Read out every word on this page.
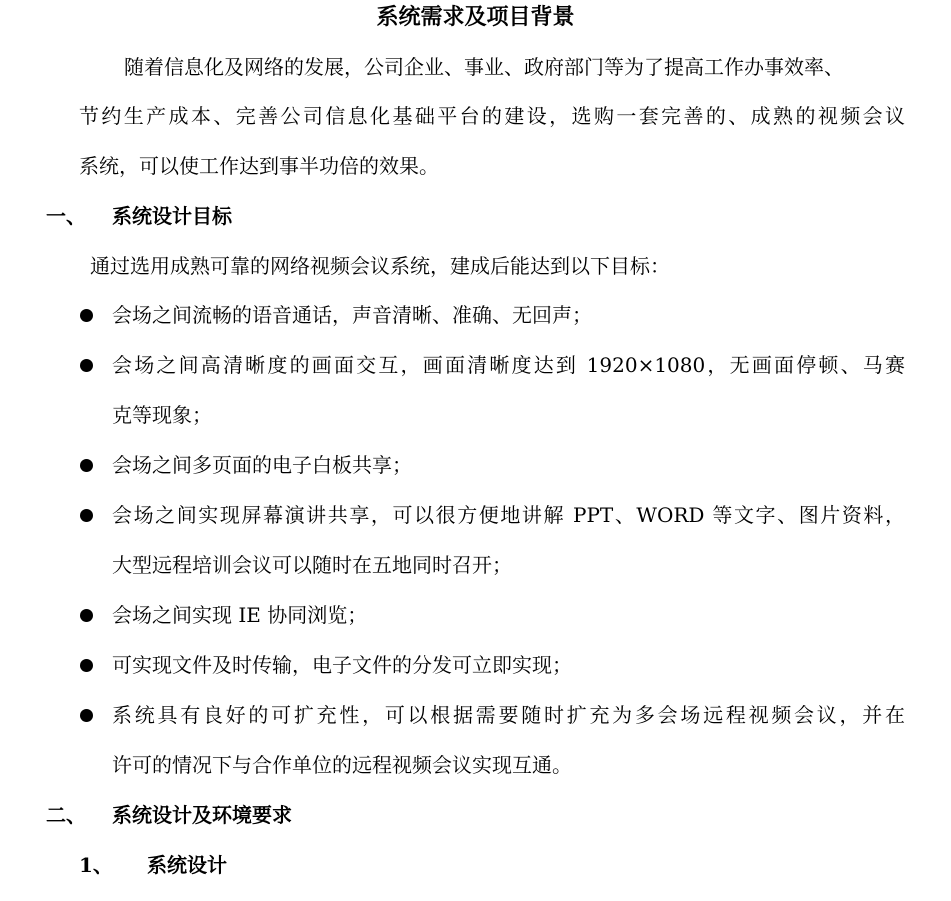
系统需求及项目背景
随着信息化及网络的发展，公司企业、事业、政府部门等为了提高工作办事效率、
节约生产成本、完善公司信息化基础平台的建设，选购一套完善的、成熟的视频会议
系统，可以使工作达到事半功倍的效果。
一、 系统设计目标
通过选用成熟可靠的网络视频会议系统，建成后能达到以下目标：
会场之间流畅的语音通话，声音清晰、准确、无回声；
会场之间高清晰度的画面交互，画面清晰度达到 1920×1080，无画面停顿、马赛
克等现象；
会场之间多页面的电子白板共享；
会场之间实现屏幕演讲共享，可以很方便地讲解 PPT、WORD 等文字、图片资料，
大型远程培训会议可以随时在五地同时召开；
会场之间实现 IE 协同浏览；
可实现文件及时传输，电子文件的分发可立即实现；
系统具有良好的可扩充性，可以根据需要随时扩充为多会场远程视频会议，并在
许可的情况下与合作单位的远程视频会议实现互通。
二、 系统设计及环境要求
1、 系统设计
